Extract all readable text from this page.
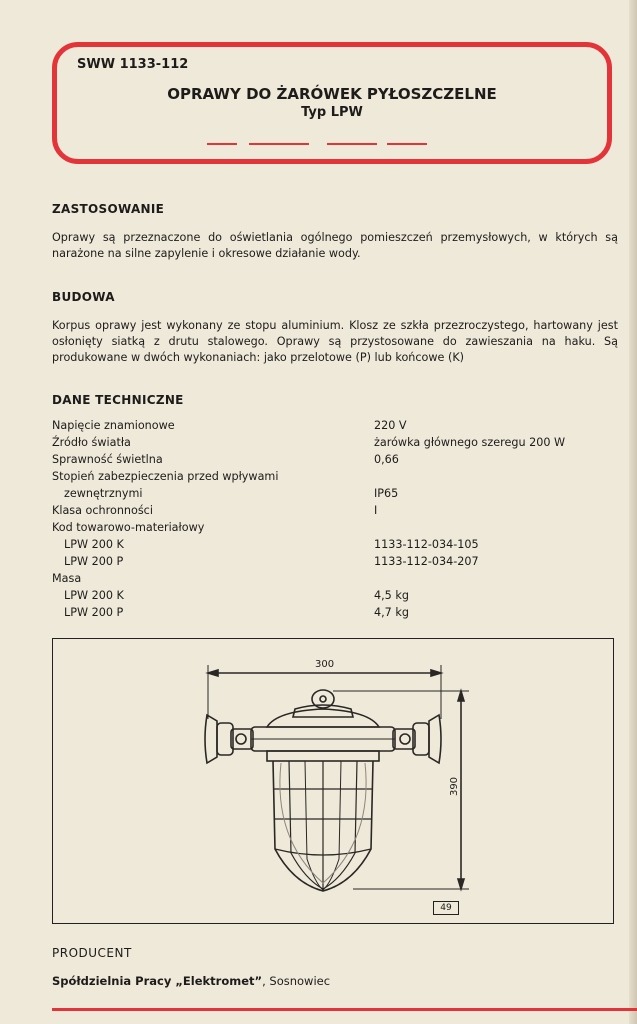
SWW 1133-112
OPRAWY DO ŻARÓWEK PYŁOSZCZELNE
Typ LPW
ZASTOSOWANIE
Oprawy są przeznaczone do oświetlania ogólnego pomieszczeń przemysłowych, w których są narażone na silne zapylenie i okresowe działanie wody.
BUDOWA
Korpus oprawy jest wykonany ze stopu aluminium. Klosz ze szkła przezroczystego, hartowany jest osłonięty siatką z drutu stalowego. Oprawy są przystosowane do zawieszania na haku. Są produkowane w dwóch wykonaniach: jako przelotowe (P) lub końcowe (K)
DANE TECHNICZNE
Napięcie znamionowe	220 V
Źródło światła	żarówka głównego szeregu 200 W
Sprawność świetlna	0,66
Stopień zabezpieczenia przed wpływami
zewnętrznymi	IP65
Klasa ochronności	I
Kod towarowo-materiałowy
LPW 200 K	1133-112-034-105
LPW 200 P	1133-112-034-207
Masa
LPW 200 K	4,5 kg
LPW 200 P	4,7 kg
300
390
49
PRODUCENT
Spółdzielnia Pracy „Elektromet”, Sosnowiec
